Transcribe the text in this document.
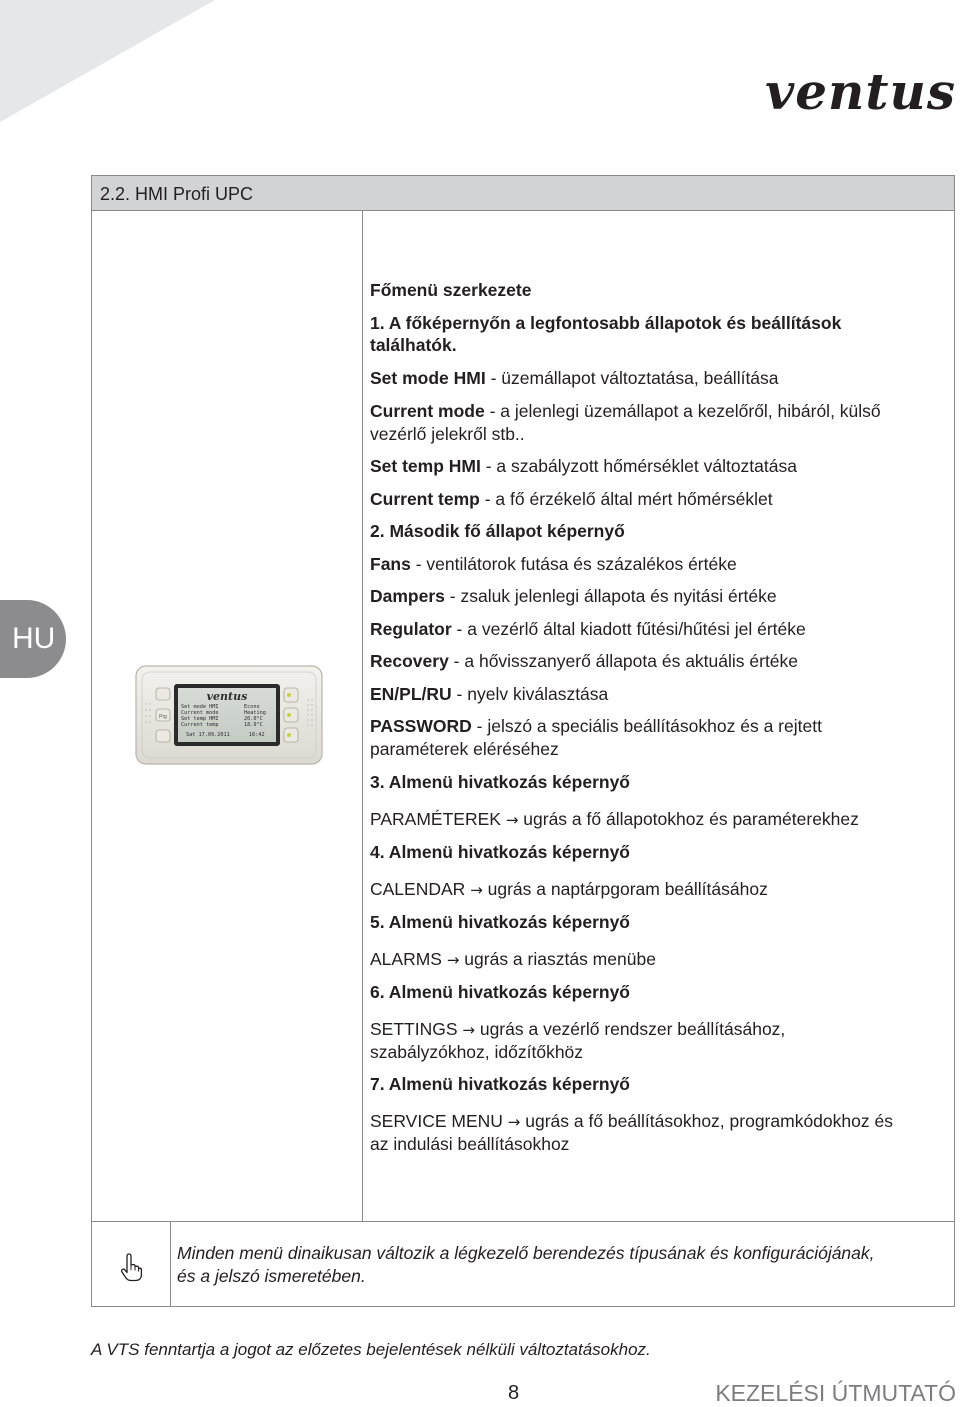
ventus
2.2. HMI Profi UPC
HU
Prg
ventus
Set mode HMI	Econo
Current mode	Heating
Set temp HMI	20.0°C
Current temp	18.9°C
Sat 17.09.2011	16:42
Főmenü szerkezete
1. A főképernyőn a legfontosabb állapotok és beállítások
találhatók.
Set mode HMI - üzemállapot változtatása, beállítása
Current mode - a jelenlegi üzemállapot a kezelőről, hibáról, külső
vezérlő jelekről stb..
Set temp HMI - a szabályzott hőmérséklet változtatása
Current temp - a fő érzékelő által mért hőmérséklet
2. Második fő állapot képernyő
Fans - ventilátorok futása és százalékos értéke
Dampers - zsaluk jelenlegi állapota és nyitási értéke
Regulator - a vezérlő által kiadott fűtési/hűtési jel értéke
Recovery - a hővisszanyerő állapota és aktuális értéke
EN/PL/RU - nyelv kiválasztása
PASSWORD - jelszó a speciális beállításokhoz és a rejtett
paraméterek eléréséhez
3. Almenü hivatkozás képernyő
PARAMÉTEREK → ugrás a fő állapotokhoz és paraméterekhez
4. Almenü hivatkozás képernyő
CALENDAR → ugrás a naptárpgoram beállításához
5. Almenü hivatkozás képernyő
ALARMS → ugrás a riasztás menübe
6. Almenü hivatkozás képernyő
SETTINGS → ugrás a vezérlő rendszer beállításához,
szabályzókhoz, időzítőkhöz
7. Almenü hivatkozás képernyő
SERVICE MENU → ugrás a fő beállításokhoz, programkódokhoz és
az indulási beállításokhoz
Minden menü dinaikusan változik a légkezelő berendezés típusának és konfigurációjának,
és a jelszó ismeretében.
A VTS fenntartja a jogot az előzetes bejelentések nélküli változtatásokhoz.
8	KEZELÉSI ÚTMUTATÓ
